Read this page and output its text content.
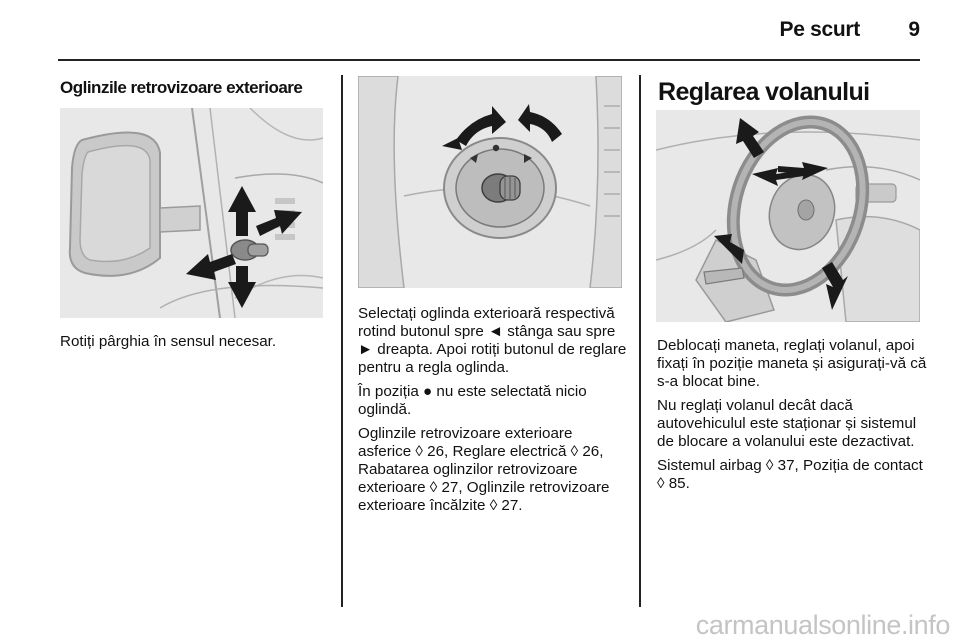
Pe scurt	9
Oglinzile retrovizoare exterioare
Rotiți pârghia în sensul necesar.

Selectați oglinda exterioară respectivă rotind butonul spre ◄ stânga sau spre ► dreapta. Apoi rotiți butonul de reglare pentru a regla oglinda.

În poziția ● nu este selectată nicio oglindă.

Oglinzile retrovizoare exterioare asferice ◊ 26, Reglare electrică ◊ 26, Rabatarea oglinzilor retrovizoare exterioare ◊ 27, Oglinzile retrovizoare exterioare încălzite ◊ 27.

Reglarea volanului

Deblocați maneta, reglați volanul, apoi fixați în poziție maneta și asigurați-vă că s-a blocat bine.

Nu reglați volanul decât dacă autovehiculul este staționar și sistemul de blocare a volanului este dezactivat.

Sistemul airbag ◊ 37, Poziția de contact ◊ 85.

carmanualsonline.info
